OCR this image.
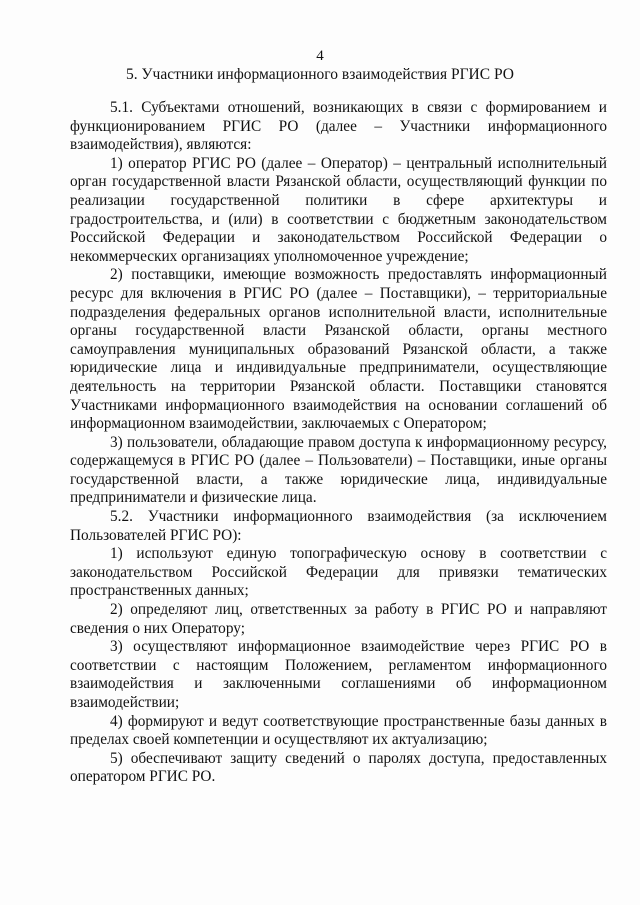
4
5. Участники информационного взаимодействия РГИС РО

5.1. Субъектами отношений, возникающих в связи с формированием и функционированием РГИС РО (далее – Участники информационного взаимодействия), являются:

1) оператор РГИС РО (далее – Оператор) – центральный исполнительный орган государственной власти Рязанской области, осуществляющий функции по реализации государственной политики в сфере архитектуры и градостроительства, и (или) в соответствии с бюджетным законодательством Российской Федерации и законодательством Российской Федерации о некоммерческих организациях уполномоченное учреждение;

2) поставщики, имеющие возможность предоставлять информационный ресурс для включения в РГИС РО (далее – Поставщики), – территориальные подразделения федеральных органов исполнительной власти, исполнительные органы государственной власти Рязанской области, органы местного самоуправления муниципальных образований Рязанской области, а также юридические лица и индивидуальные предприниматели, осуществляющие деятельность на территории Рязанской области. Поставщики становятся Участниками информационного взаимодействия на основании соглашений об информационном взаимодействии, заключаемых с Оператором;

3) пользователи, обладающие правом доступа к информационному ресурсу, содержащемуся в РГИС РО (далее – Пользователи) – Поставщики, иные органы государственной власти, а также юридические лица, индивидуальные предприниматели и физические лица.

5.2. Участники информационного взаимодействия (за исключением Пользователей РГИС РО):

1) используют единую топографическую основу в соответствии с законодательством Российской Федерации для привязки тематических пространственных данных;

2) определяют лиц, ответственных за работу в РГИС РО и направляют сведения о них Оператору;

3) осуществляют информационное взаимодействие через РГИС РО в соответствии с настоящим Положением, регламентом информационного взаимодействия и заключенными соглашениями об информационном взаимодействии;

4) формируют и ведут соответствующие пространственные базы данных в пределах своей компетенции и осуществляют их актуализацию;

5) обеспечивают защиту сведений о паролях доступа, предоставленных оператором РГИС РО.
